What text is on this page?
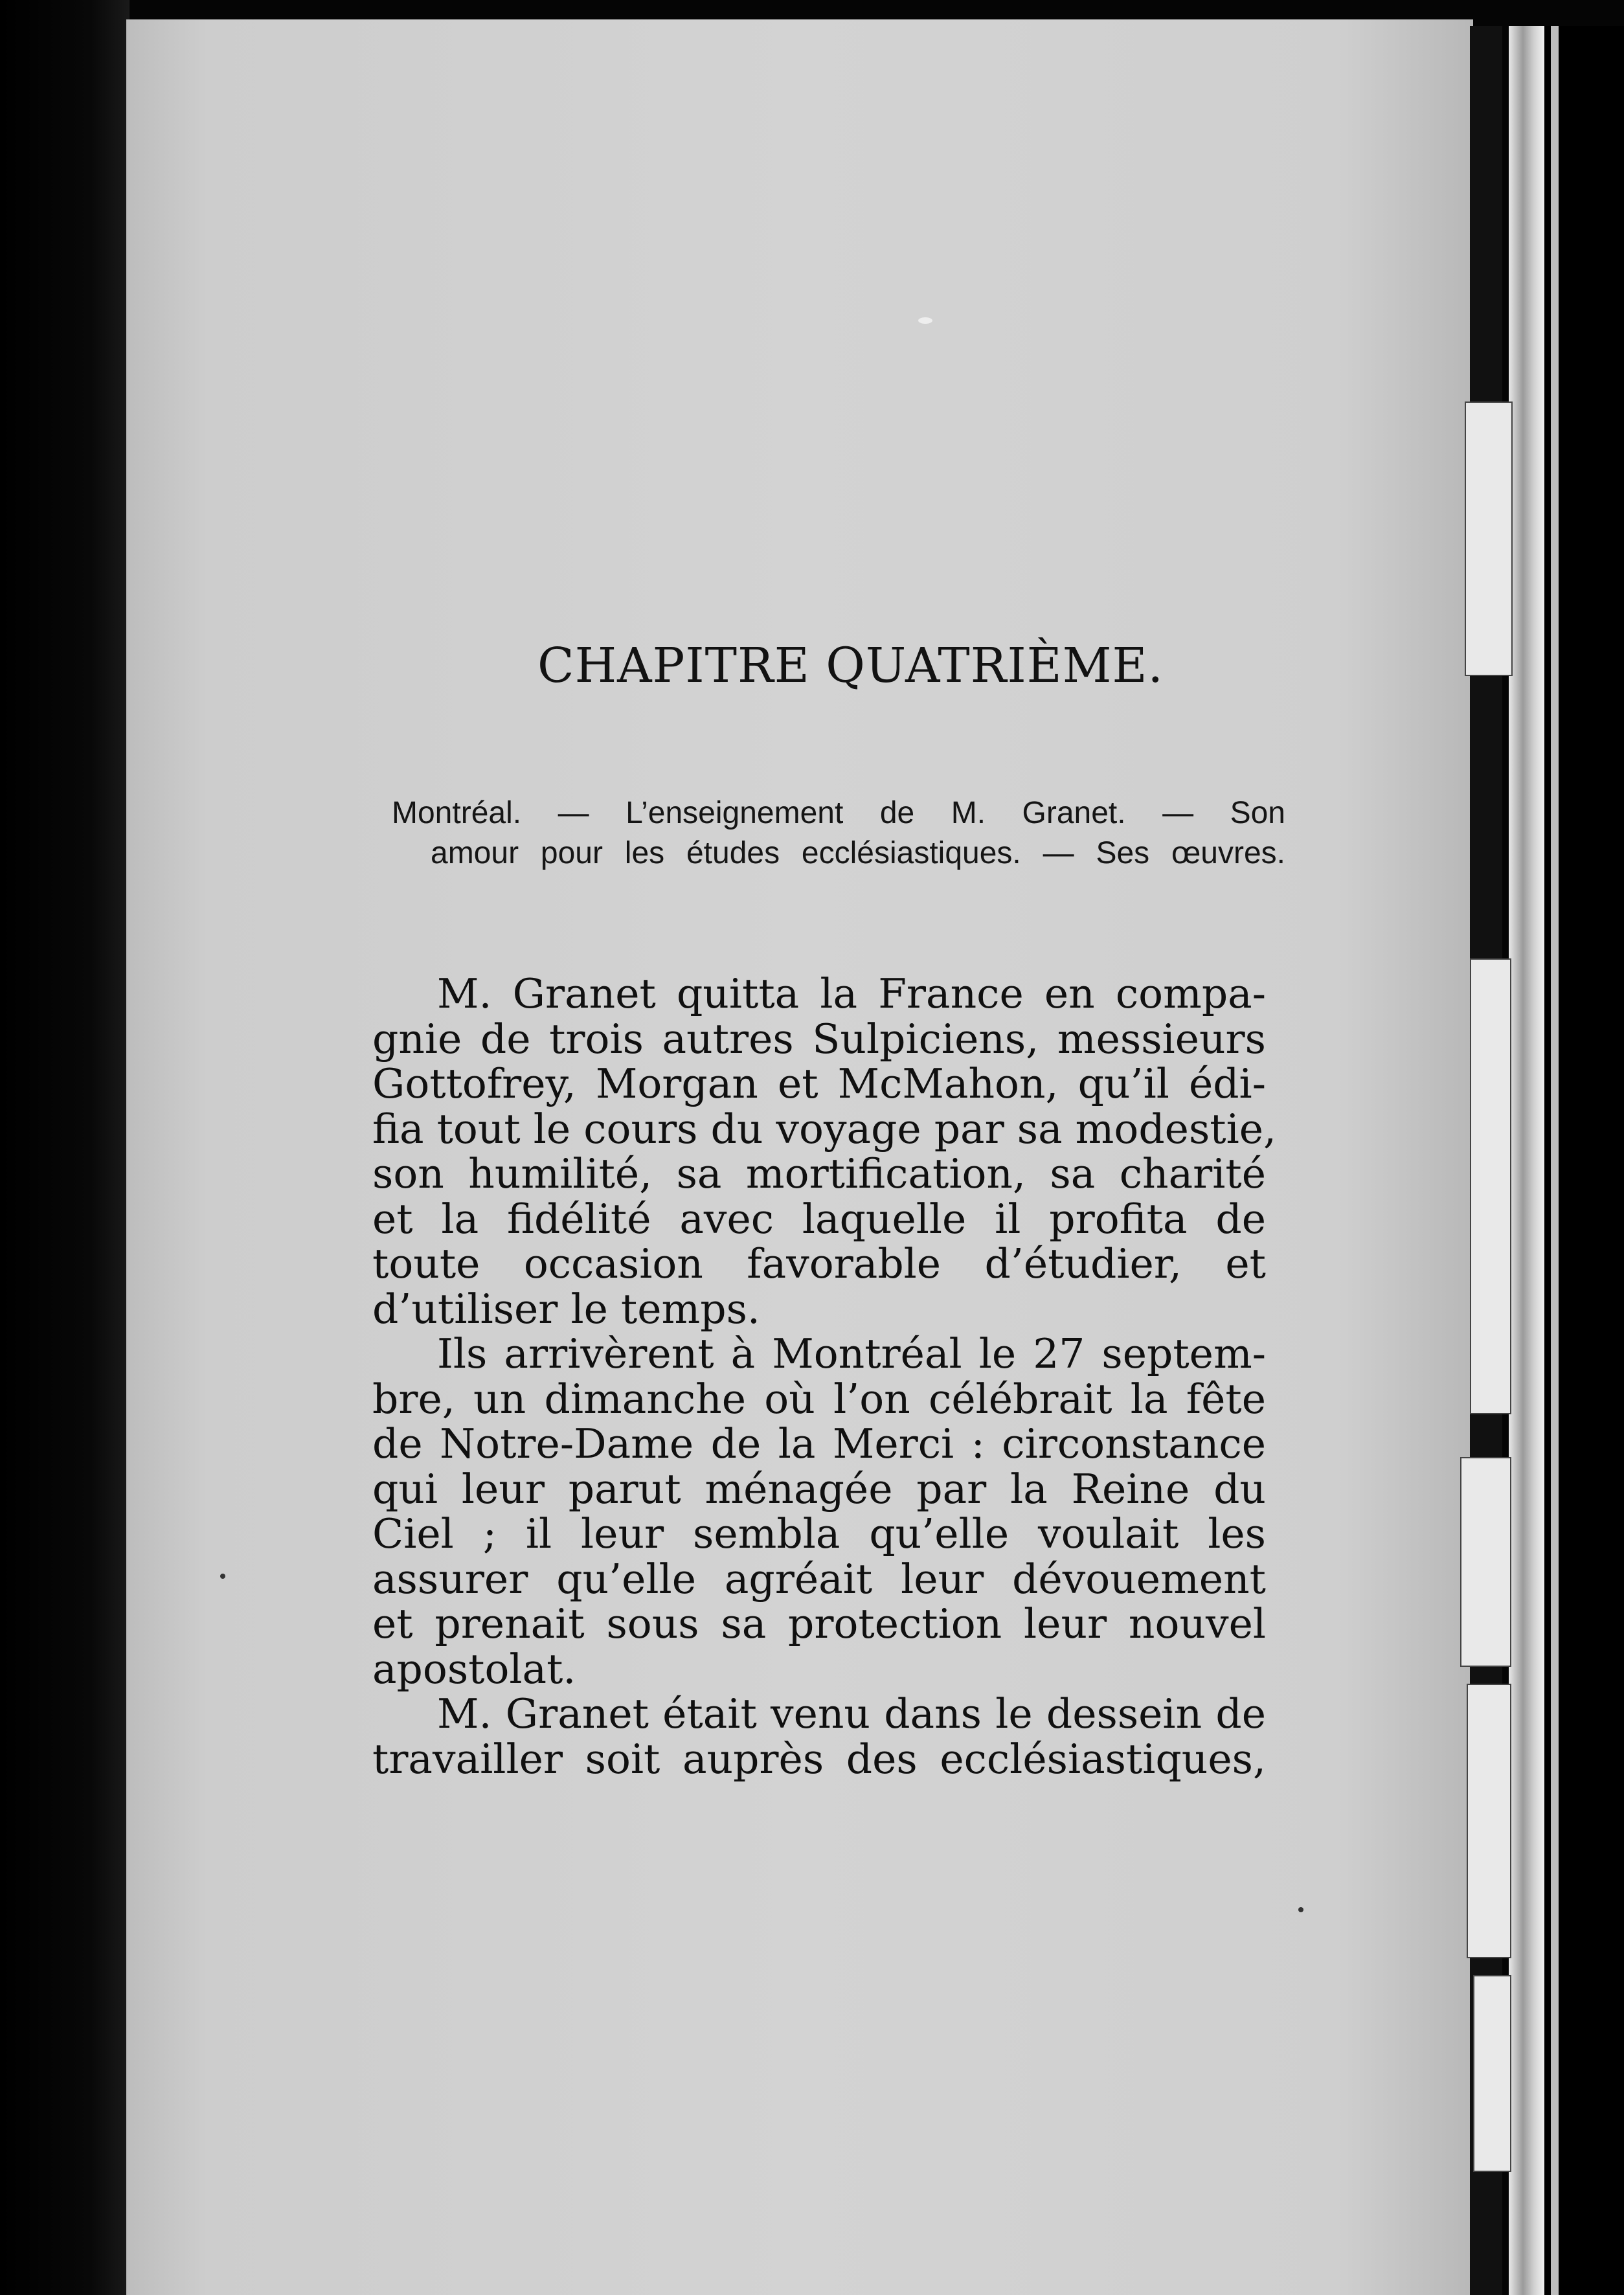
CHAPITRE QUATRIÈME.
Montréal. — L’enseignement de M. Granet. — Son
amour pour les études ecclésiastiques. — Ses œuvres.
M. Granet quitta la France en compa-
gnie de trois autres Sulpiciens, messieurs
Gottofrey, Morgan et McMahon, qu’il édi-
fia tout le cours du voyage par sa modestie,
son humilité, sa mortification, sa charité
et la fidélité avec laquelle il profita de
toute occasion favorable d’étudier, et
d’utiliser le temps.
Ils arrivèrent à Montréal le 27 septem-
bre, un dimanche où l’on célébrait la fête
de Notre-Dame de la Merci : circonstance
qui leur parut ménagée par la Reine du
Ciel ; il leur sembla qu’elle voulait les
assurer qu’elle agréait leur dévouement
et prenait sous sa protection leur nouvel
apostolat.
M. Granet était venu dans le dessein de
travailler soit auprès des ecclésiastiques,
